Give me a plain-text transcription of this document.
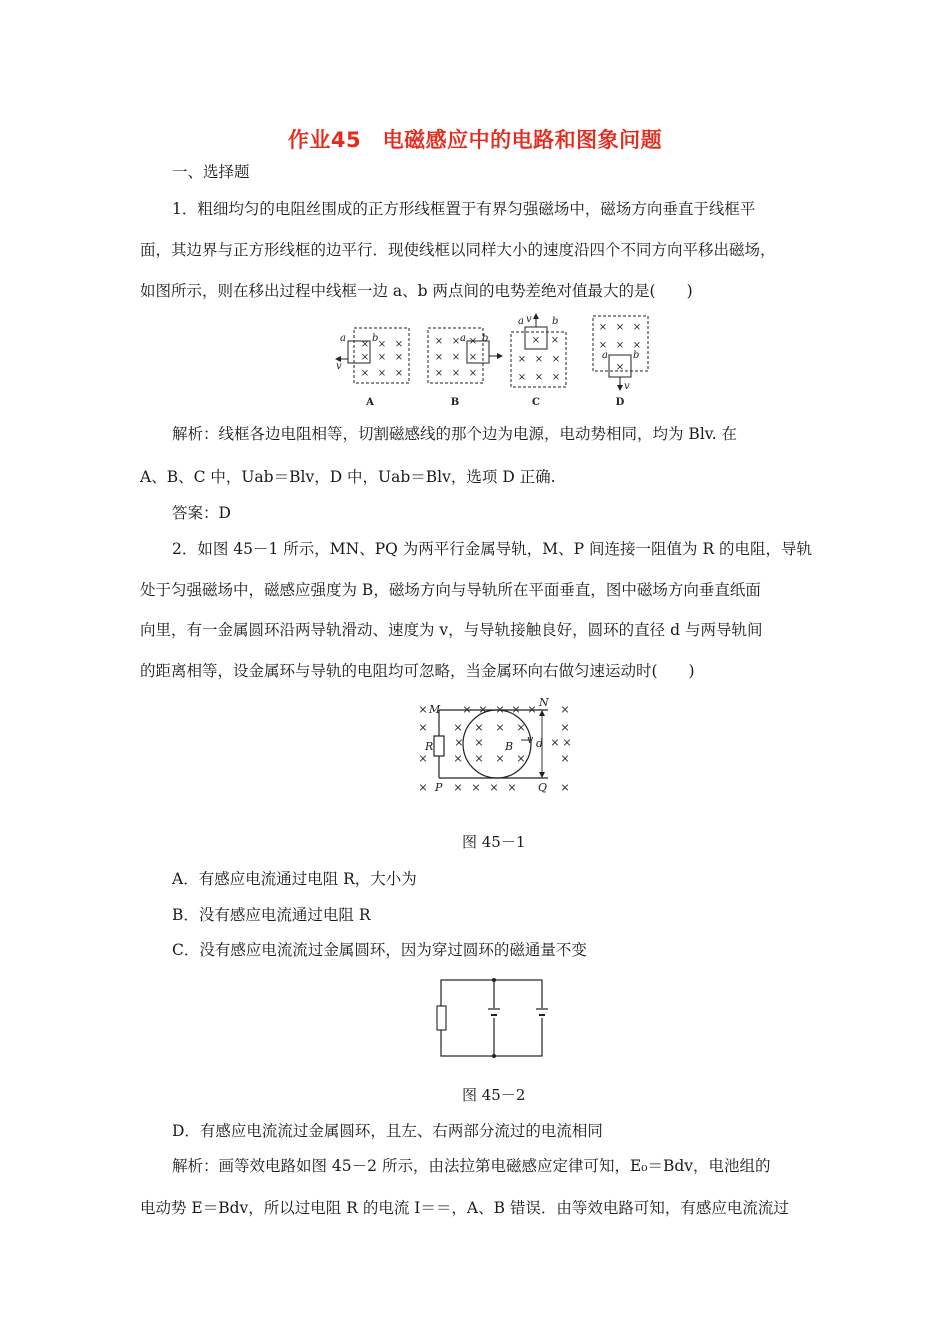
作业45　电磁感应中的电路和图象问题
一、选择题
1．粗细均匀的电阻丝围成的正方形线框置于有界匀强磁场中，磁场方向垂直于线框平
面，其边界与正方形线框的边平行．现使线框以同样大小的速度沿四个不同方向平移出磁场，
如图所示，则在移出过程中线框一边 a、b 两点间的电势差绝对值最大的是(　　)
× × ×
× × ×
× × ×
× × ×
× × ×
× × ×
× ×
× × ×
× × ×
× × ×
× × ×
×
a	b
v
a b
a	b
v
a	b
v
A	B	C	D
解析：线框各边电阻相等，切割磁感线的那个边为电源，电动势相同，均为 Blv. 在
A、B、C 中，Uab＝Blv，D 中，Uab＝Blv，选项 D 正确.
答案：D
2．如图 45－1 所示，MN、PQ 为两平行金属导轨，M、P 间连接一阻值为 R 的电阻，导轨
处于匀强磁场中，磁感应强度为 B，磁场方向与导轨所在平面垂直，图中磁场方向垂直纸面
向里，有一金属圆环沿两导轨滑动、速度为 v，与导轨接触良好，圆环的直径 d 与两导轨间
的距离相等，设金属环与导轨的电阻均可忽略，当金属环向右做匀速运动时(　　)
×	× × × × × ×
× × × × ×	×
× ×	× ×
× × × × ×	×
× × × × ×	×
M
N
P	Q
R	B
v d
图 45－1
A．有感应电流通过电阻 R，大小为
B．没有感应电流通过电阻 R
C．没有感应电流流过金属圆环，因为穿过圆环的磁通量不变
图 45－2
D．有感应电流流过金属圆环，且左、右两部分流过的电流相同
解析：画等效电路如图 45－2 所示，由法拉第电磁感应定律可知，E₀＝Bdv，电池组的
电动势 E＝Bdv，所以过电阻 R 的电流 I＝＝，A、B 错误．由等效电路可知，有感应电流流过
